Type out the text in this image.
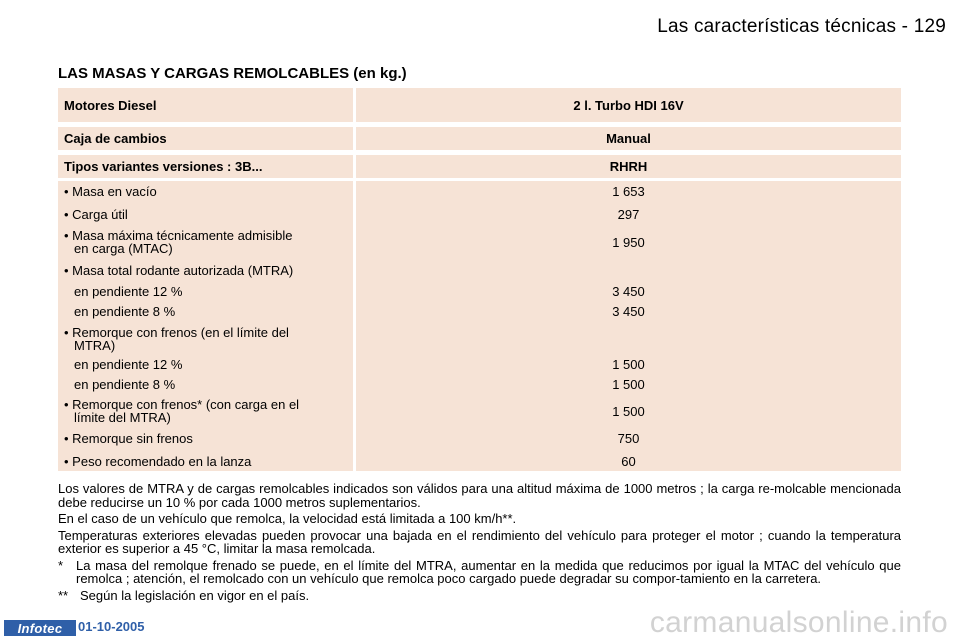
Las características técnicas - 129
LAS MASAS Y CARGAS REMOLCABLES (en kg.)
Motores Diesel	2 l. Turbo HDI 16V
Caja de cambios	Manual
Tipos variantes versiones : 3B...	RHRH
• Masa en vacío	1 653
• Carga útil	297
• Masa máxima técnicamente admisible
en carga (MTAC)	1 950
• Masa total rodante autorizada (MTRA)
en pendiente 12 %	3 450
en pendiente 8 %	3 450
• Remorque con frenos (en el límite del
MTRA)
en pendiente 12 %	1 500
en pendiente 8 %	1 500
• Remorque con frenos* (con carga en el
límite del MTRA)	1 500
• Remorque sin frenos	750
• Peso recomendado en la lanza	60

Los valores de MTRA y de cargas remolcables indicados son válidos para una altitud máxima de 1000 metros ; la carga re-molcable mencionada debe reducirse un 10 % por cada 1000 metros suplementarios.

En el caso de un vehículo que remolca, la velocidad está limitada a 100 km/h**.

Temperaturas exteriores elevadas pueden provocar una bajada en el rendimiento del vehículo para proteger el motor ; cuando la temperatura exterior es superior a 45 °C, limitar la masa remolcada.

* La masa del remolque frenado se puede, en el límite del MTRA, aumentar en la medida que reducimos por igual la MTAC del vehículo que remolca ; atención, el remolcado con un vehículo que remolca poco cargado puede degradar su compor-tamiento en la carretera.

** Según la legislación en vigor en el país.

Infotec	01-10-2005	carmanualsonline.info
